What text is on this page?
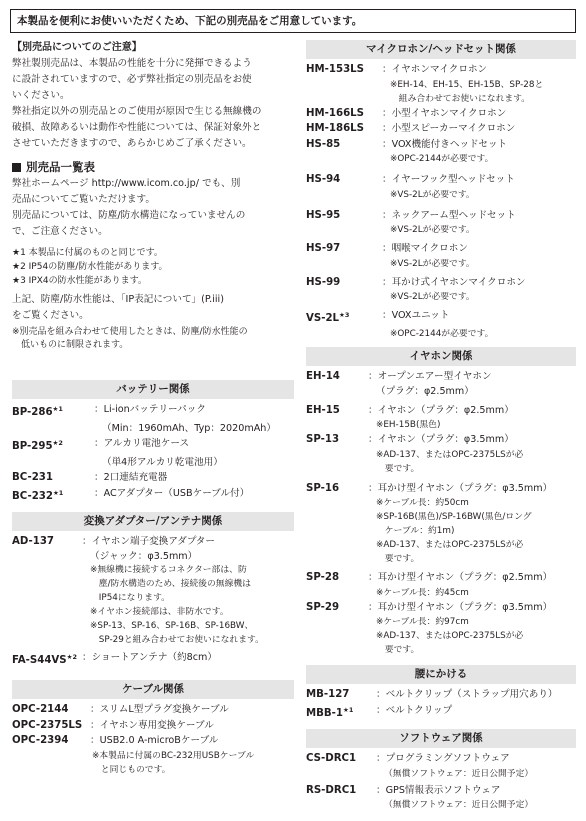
本製品を便利にお使いいただくため、下記の別売品をご用意しています。
【別売品についてのご注意】
弊社製別売品は、本製品の性能を十分に発揮できるよう
に設計されていますので、必ず弊社指定の別売品をお使
いください。
弊社指定以外の別売品とのご使用が原因で生じる無線機の
破損、故障あるいは動作や性能については、保証対象外と
させていただきますので、あらかじめご了承ください。
別売品一覧表
弊社ホームページ http://www.icom.co.jp/ でも、別
売品についてご覧いただけます。
別売品については、防塵/防水構造になっていませんの
で、ご注意ください。
★1 本製品に付属のものと同じです。
★2 IP54の防塵/防水性能があります。
★3 IPX4の防水性能があります。
上記、防塵/防水性能は、「IP表記について」(P.iii)
をご覧ください。
※別売品を組み合わせて使用したときは、防塵/防水性能の
　低いものに制限されます。
バッテリー関係
$BP-286^{★1}$	：Li-ionバッテリーパック
（Min：1960mAh、Typ：2020mAh）
$BP-295^{★2}$	：アルカリ電池ケース
（単4形アルカリ乾電池用）
BC-231	：2口連結充電器
$BC-232^{★1}$	：ACアダプター（USBケーブル付）
変換アダプター/アンテナ関係
AD-137	：イヤホン端子変換アダプター
（ジャック：φ3.5mm）
※無線機に接続するコネクター部は、防
　塵/防水構造のため、接続後の無線機は
　IP54になります。
※イヤホン接続部は、非防水です。
※SP-13、SP-16、SP-16B、SP-16BW、
　SP-29と組み合わせてお使いになれます。
$FA-S44VS^{★2}$ ：ショートアンテナ（約8cm）
ケーブル関係
OPC-2144	：スリムL型プラグ変換ケーブル
OPC-2375LS ：イヤホン専用変換ケーブル
OPC-2394	：USB2.0 A-microBケーブル
※本製品に付属のBC-232用USBケーブル
　と同じものです。
マイクロホン/ヘッドセット関係
HM-153LS	：イヤホンマイクロホン
※EH-14、EH-15、EH-15B、SP-28と
　組み合わせてお使いになれます。
HM-166LS	：小型イヤホンマイクロホン
HM-186LS	：小型スピーカーマイクロホン
HS-85	：VOX機能付きヘッドセット
※OPC-2144が必要です。
HS-94	：イヤーフック型ヘッドセット
※VS-2Lが必要です。
HS-95	：ネックアーム型ヘッドセット
※VS-2Lが必要です。
HS-97	：咽喉マイクロホン
※VS-2Lが必要です。
HS-99	：耳かけ式イヤホンマイクロホン
※VS-2Lが必要です。
$VS-2L^{★3}$	：VOXユニット
※OPC-2144が必要です。
イヤホン関係
EH-14	：オープンエアー型イヤホン
（プラグ：φ2.5mm）
EH-15	：イヤホン（プラグ：φ2.5mm）
※EH-15B(黒色)
SP-13	：イヤホン（プラグ：φ3.5mm）
※AD-137、またはOPC-2375LSが必
　要です。
SP-16	：耳かけ型イヤホン（プラグ：φ3.5mm）
※ケーブル長：約50cm
※SP-16B(黒色)/SP-16BW(黒色/ロング
　ケーブル：約1m)
※AD-137、またはOPC-2375LSが必
　要です。
SP-28	：耳かけ型イヤホン（プラグ：φ2.5mm）
※ケーブル長：約45cm
SP-29	：耳かけ型イヤホン（プラグ：φ3.5mm）
※ケーブル長：約97cm
※AD-137、またはOPC-2375LSが必
　要です。
腰にかける
MB-127	：ベルトクリップ（ストラップ用穴あり）
MBB-$1^{★1}$	：ベルトクリップ
ソフトウェア関係
CS-DRC1	：プログラミングソフトウェア
（無償ソフトウェア：近日公開予定）
RS-DRC1	：GPS情報表示ソフトウェア
（無償ソフトウェア：近日公開予定）
